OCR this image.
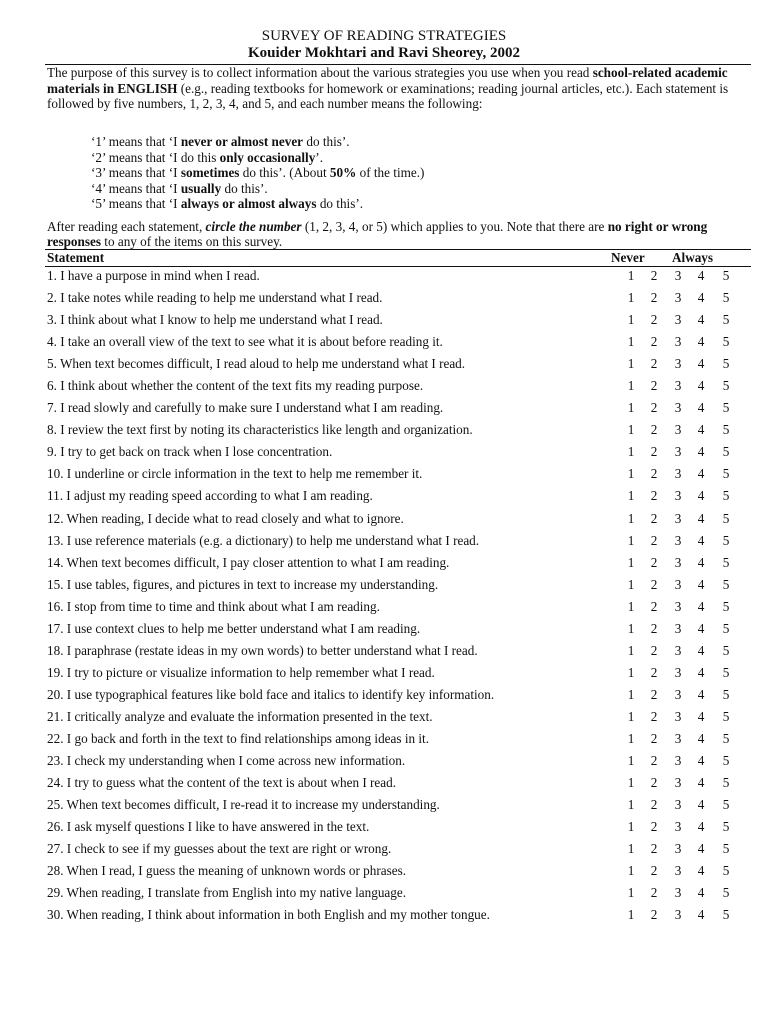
SURVEY OF READING STRATEGIES
Kouider Mokhtari and Ravi Sheorey, 2002
The purpose of this survey is to collect information about the various strategies you use when you read school-related academic materials in ENGLISH (e.g., reading textbooks for homework or examinations; reading journal articles, etc.). Each statement is followed by five numbers, 1, 2, 3, 4, and 5, and each number means the following:
‘1’ means that ‘I never or almost never do this’.
‘2’ means that ‘I do this only occasionally’.
‘3’ means that ‘I sometimes do this’. (About 50% of the time.)
‘4’ means that ‘I usually do this’.
‘5’ means that ‘I always or almost always do this’.
After reading each statement, circle the number (1, 2, 3, 4, or 5) which applies to you. Note that there are no right or wrong responses to any of the items on this survey.
Statement	Never Always
1. I have a purpose in mind when I read.	1 2 3 4 5
2. I take notes while reading to help me understand what I read.	1 2 3 4 5
3. I think about what I know to help me understand what I read.	1 2 3 4 5
4. I take an overall view of the text to see what it is about before reading it.	1 2 3 4 5
5. When text becomes difficult, I read aloud to help me understand what I read.	1 2 3 4 5
6. I think about whether the content of the text fits my reading purpose.	1 2 3 4 5
7. I read slowly and carefully to make sure I understand what I am reading.	1 2 3 4 5
8. I review the text first by noting its characteristics like length and organization.	1 2 3 4 5
9. I try to get back on track when I lose concentration.	1 2 3 4 5
10. I underline or circle information in the text to help me remember it.	1 2 3 4 5
11. I adjust my reading speed according to what I am reading.	1 2 3 4 5
12. When reading, I decide what to read closely and what to ignore.	1 2 3 4 5
13. I use reference materials (e.g. a dictionary) to help me understand what I read.	1 2 3 4 5
14. When text becomes difficult, I pay closer attention to what I am reading.	1 2 3 4 5
15. I use tables, figures, and pictures in text to increase my understanding.	1 2 3 4 5
16. I stop from time to time and think about what I am reading.	1 2 3 4 5
17. I use context clues to help me better understand what I am reading.	1 2 3 4 5
18. I paraphrase (restate ideas in my own words) to better understand what I read.	1 2 3 4 5
19. I try to picture or visualize information to help remember what I read.	1 2 3 4 5
20. I use typographical features like bold face and italics to identify key information.	1 2 3 4 5
21. I critically analyze and evaluate the information presented in the text.	1 2 3 4 5
22. I go back and forth in the text to find relationships among ideas in it.	1 2 3 4 5
23. I check my understanding when I come across new information.	1 2 3 4 5
24. I try to guess what the content of the text is about when I read.	1 2 3 4 5
25. When text becomes difficult, I re-read it to increase my understanding.	1 2 3 4 5
26. I ask myself questions I like to have answered in the text.	1 2 3 4 5
27. I check to see if my guesses about the text are right or wrong.	1 2 3 4 5
28. When I read, I guess the meaning of unknown words or phrases.	1 2 3 4 5
29. When reading, I translate from English into my native language.	1 2 3 4 5
30. When reading, I think about information in both English and my mother tongue.	1 2 3 4 5
